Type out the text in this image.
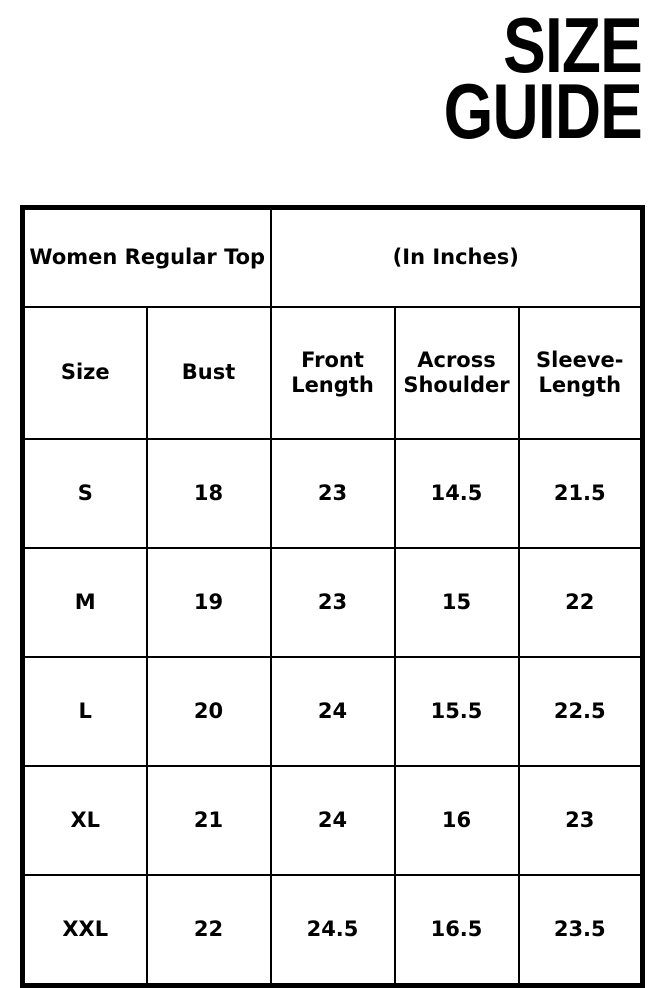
SIZE
GUIDE
Women Regular Top		(In Inches)		
Size	Bust	Front Length	Across Shoulder	Sleeve-Length
S	18	23	14.5	21.5
M	19	23	15	22
L	20	24	15.5	22.5
XL	21	24	16	23
XXL	22	24.5	16.5	23.5
